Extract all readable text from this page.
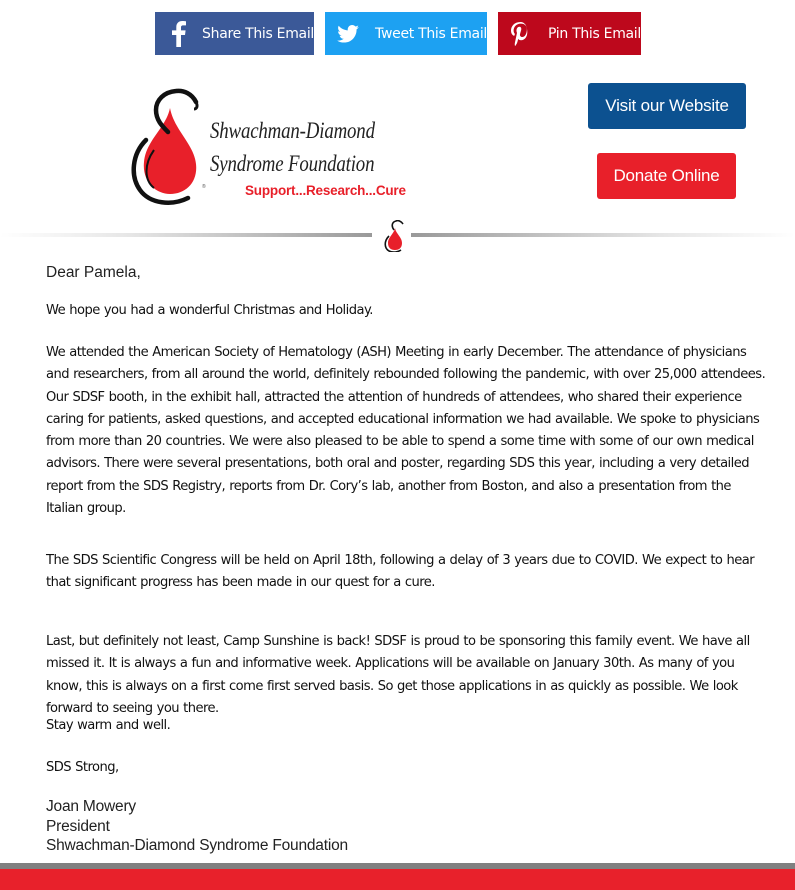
Share This Email	Tweet This Email	Pin This Email
®
Shwachman-Diamond
Syndrome Foundation
Support...Research...Cure
Visit our Website
Donate Online
Dear Pamela,

We hope you had a wonderful Christmas and Holiday.

We attended the American Society of Hematology (ASH) Meeting in early December. The attendance of physicians and researchers, from all around the world, definitely rebounded following the pandemic, with over 25,000 attendees. Our SDSF booth, in the exhibit hall, attracted the attention of hundreds of attendees, who shared their experience caring for patients, asked questions, and accepted educational information we had available. We spoke to physicians from more than 20 countries. We were also pleased to be able to spend a some time with some of our own medical advisors. There were several presentations, both oral and poster, regarding SDS this year, including a very detailed report from the SDS Registry, reports from Dr. Cory’s lab, another from Boston, and also a presentation from the Italian group.

The SDS Scientific Congress will be held on April 18th, following a delay of 3 years due to COVID. We expect to hear that significant progress has been made in our quest for a cure.

Last, but definitely not least, Camp Sunshine is back! SDSF is proud to be sponsoring this family event. We have all missed it. It is always a fun and informative week. Applications will be available on January 30th. As many of you know, this is always on a first come first served basis. So get those applications in as quickly as possible. We look forward to seeing you there.

Stay warm and well.

SDS Strong,

Joan Mowery
President
Shwachman-Diamond Syndrome Foundation
